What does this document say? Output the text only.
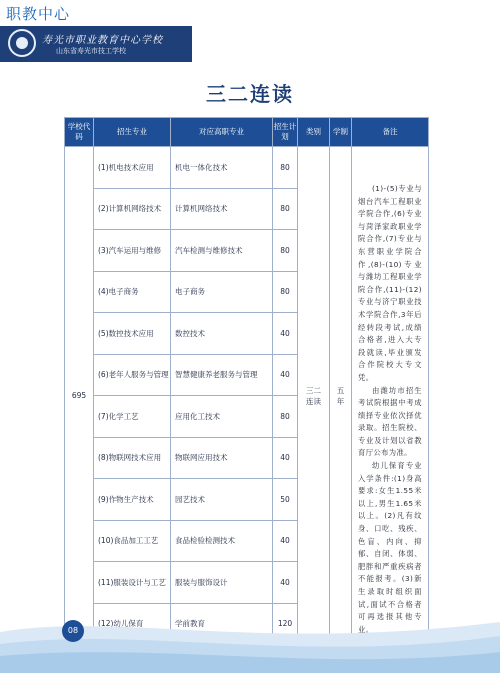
职教中心
寿光市职业教育中心学校
山东省寿光市技工学校
三二连读
学校代码	招生专业	对应高职专业	招生计划	类别	学制	备注
695	(1)机电技术应用	机电一体化技术	80	三二连读	五年	(1)-(5)专业与烟台汽车工程职业学院合作,(6)专业与菏泽家政职业学院合作,(7)专业与东营职业学院合作,(8)-(10)专业与潍坊工程职业学院合作,(11)-(12)专业与济宁职业技术学院合作,3年后经转段考试,成绩合格者,进入大专段就读,毕业颁发合作院校大专文凭。
由潍坊市招生考试院根据中考成绩择专业依次择优录取。招生院校、专业及计划以省教育厅公布为准。
幼儿保育专业入学条件:(1)身高要求:女生1.55米以上,男生1.65米以上。(2)凡有纹身、口吃、残疾、色盲、内向、抑郁、自闭、体弱、肥胖和严重疾病者不能报考。(3)新生录取时组织面试,面试不合格者可再选报其他专业。

	(2)计算机网络技术	计算机网络技术	80			
	(3)汽车运用与维修	汽车检测与维修技术	80			
	(4)电子商务	电子商务	80			
	(5)数控技术应用	数控技术	40			
	(6)老年人服务与管理	智慧健康养老服务与管理	40			
	(7)化学工艺	应用化工技术	80			
	(8)物联网技术应用	物联网应用技术	40			
	(9)作物生产技术	园艺技术	50			
	(10)食品加工工艺	食品检验检测技术	40			
	(11)服装设计与工艺	服装与服饰设计	40			
	(12)幼儿保育	学前教育	120			
08
